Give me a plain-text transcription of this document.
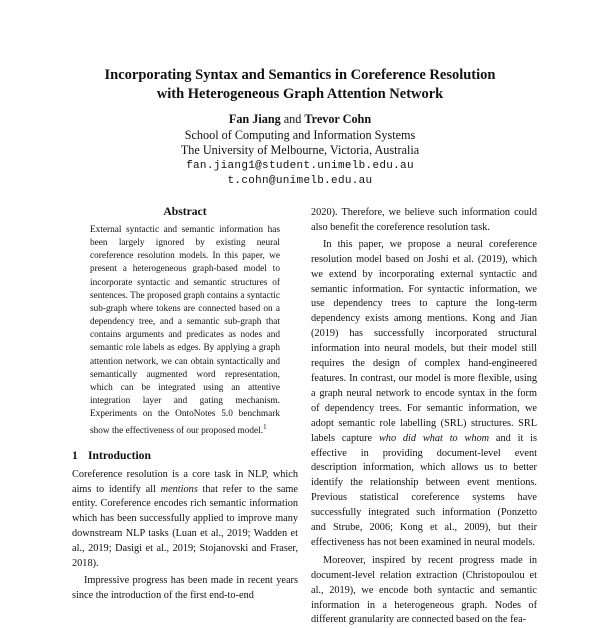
Incorporating Syntax and Semantics in Coreference Resolution
with Heterogeneous Graph Attention Network
Fan Jiang and Trevor Cohn
School of Computing and Information Systems
The University of Melbourne, Victoria, Australia
fan.jiang1@student.unimelb.edu.au
t.cohn@unimelb.edu.au
Abstract
External syntactic and semantic information has been largely ignored by existing neural coreference resolution models. In this paper, we present a heterogeneous graph-based model to incorporate syntactic and semantic structures of sentences. The proposed graph contains a syntactic sub-graph where tokens are connected based on a dependency tree, and a semantic sub-graph that contains arguments and predicates as nodes and semantic role labels as edges. By applying a graph attention network, we can obtain syntactically and semantically augmented word representation, which can be integrated using an attentive integration layer and gating mechanism. Experiments on the OntoNotes 5.0 benchmark show the effectiveness of our proposed model.$^1$
1 Introduction

Coreference resolution is a core task in NLP, which aims to identify all mentions that refer to the same entity. Coreference encodes rich semantic information which has been successfully applied to improve many downstream NLP tasks (Luan et al., 2019; Wadden et al., 2019; Dasigi et al., 2019; Stojanovski and Fraser, 2018).

Impressive progress has been made in recent years since the introduction of the first end-to-end

2020). Therefore, we believe such information could also benefit the coreference resolution task.

In this paper, we propose a neural coreference resolution model based on Joshi et al. (2019), which we extend by incorporating external syntactic and semantic information. For syntactic information, we use dependency trees to capture the long-term dependency exists among mentions. Kong and Jian (2019) has successfully incorporated structural information into neural models, but their model still requires the design of complex hand-engineered features. In contrast, our model is more flexible, using a graph neural network to encode syntax in the form of dependency trees. For semantic information, we adopt semantic role labelling (SRL) structures. SRL labels capture who did what to whom and it is effective in providing document-level event description information, which allows us to better identify the relationship between event mentions. Previous statistical coreference systems have successfully integrated such information (Ponzetto and Strube, 2006; Kong et al., 2009), but their effectiveness has not been examined in neural models.

Moreover, inspired by recent progress made in document-level relation extraction (Christopoulou et al., 2019), we encode both syntactic and semantic information in a heterogeneous graph. Nodes of different granularity are connected based on the fea-
